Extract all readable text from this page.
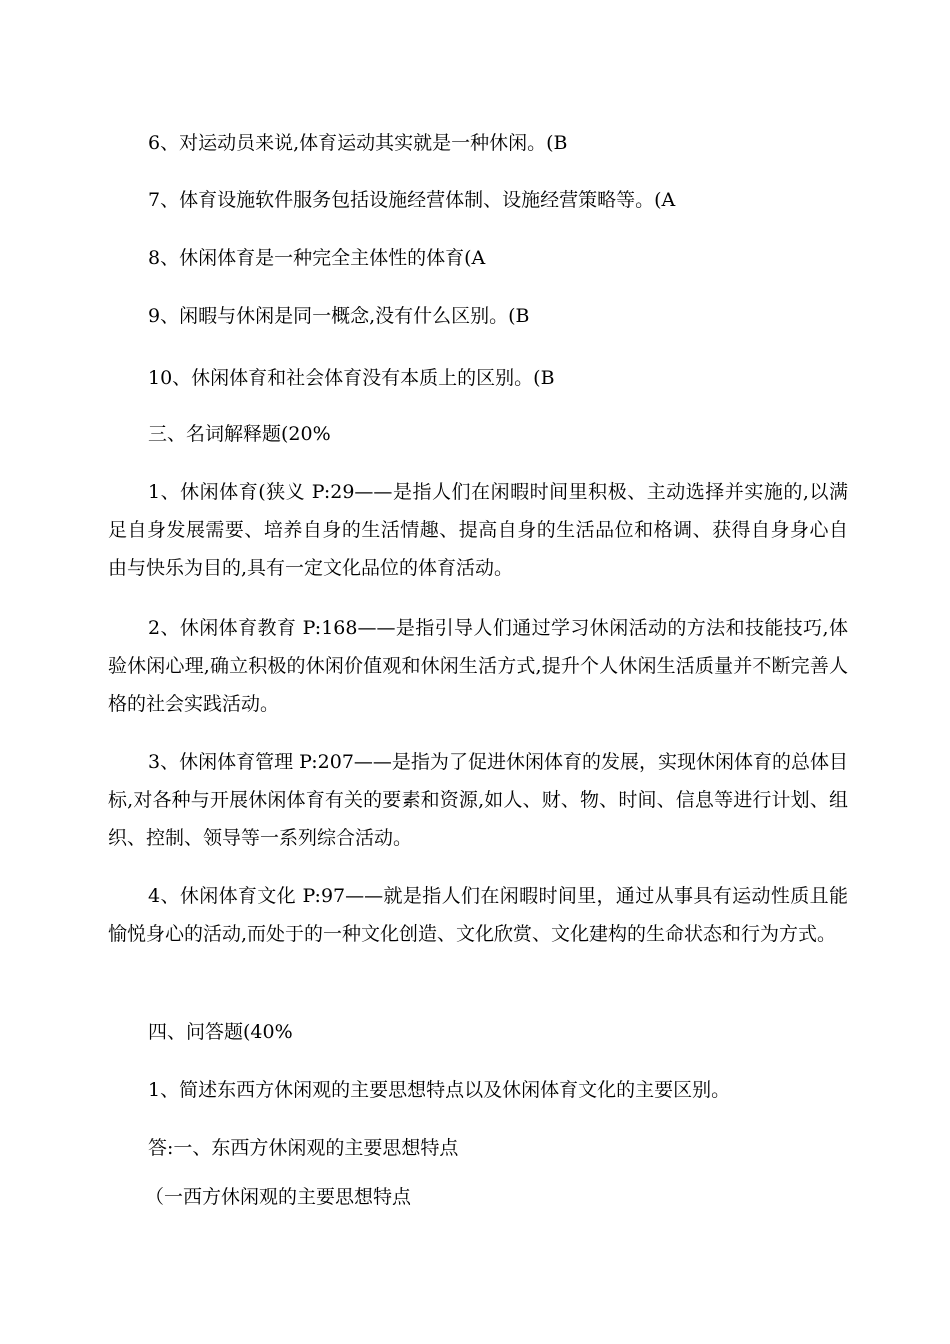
6、对运动员来说,体育运动其实就是一种休闲。(B
7、体育设施软件服务包括设施经营体制、设施经营策略等。(A
8、休闲体育是一种完全主体性的体育(A
9、闲暇与休闲是同一概念,没有什么区别。(B
10、休闲体育和社会体育没有本质上的区别。(B
三、名词解释题(20%
1、休闲体育(狭义 P:29——是指人们在闲暇时间里积极、主动选择并实施的,以满足自身发展需要、培养自身的生活情趣、提高自身的生活品位和格调、获得自身身心自由与快乐为目的,具有一定文化品位的体育活动。
2、休闲体育教育 P:168——是指引导人们通过学习休闲活动的方法和技能技巧,体验休闲心理,确立积极的休闲价值观和休闲生活方式,提升个人休闲生活质量并不断完善人格的社会实践活动。
3、休闲体育管理 P:207——是指为了促进休闲体育的发展，实现休闲体育的总体目标,对各种与开展休闲体育有关的要素和资源,如人、财、物、时间、信息等进行计划、组织、控制、领导等一系列综合活动。
4、休闲体育文化 P:97——就是指人们在闲暇时间里，通过从事具有运动性质且能愉悦身心的活动,而处于的一种文化创造、文化欣赏、文化建构的生命状态和行为方式。
四、问答题(40%
1、简述东西方休闲观的主要思想特点以及休闲体育文化的主要区别。
答:一、东西方休闲观的主要思想特点
（一西方休闲观的主要思想特点
